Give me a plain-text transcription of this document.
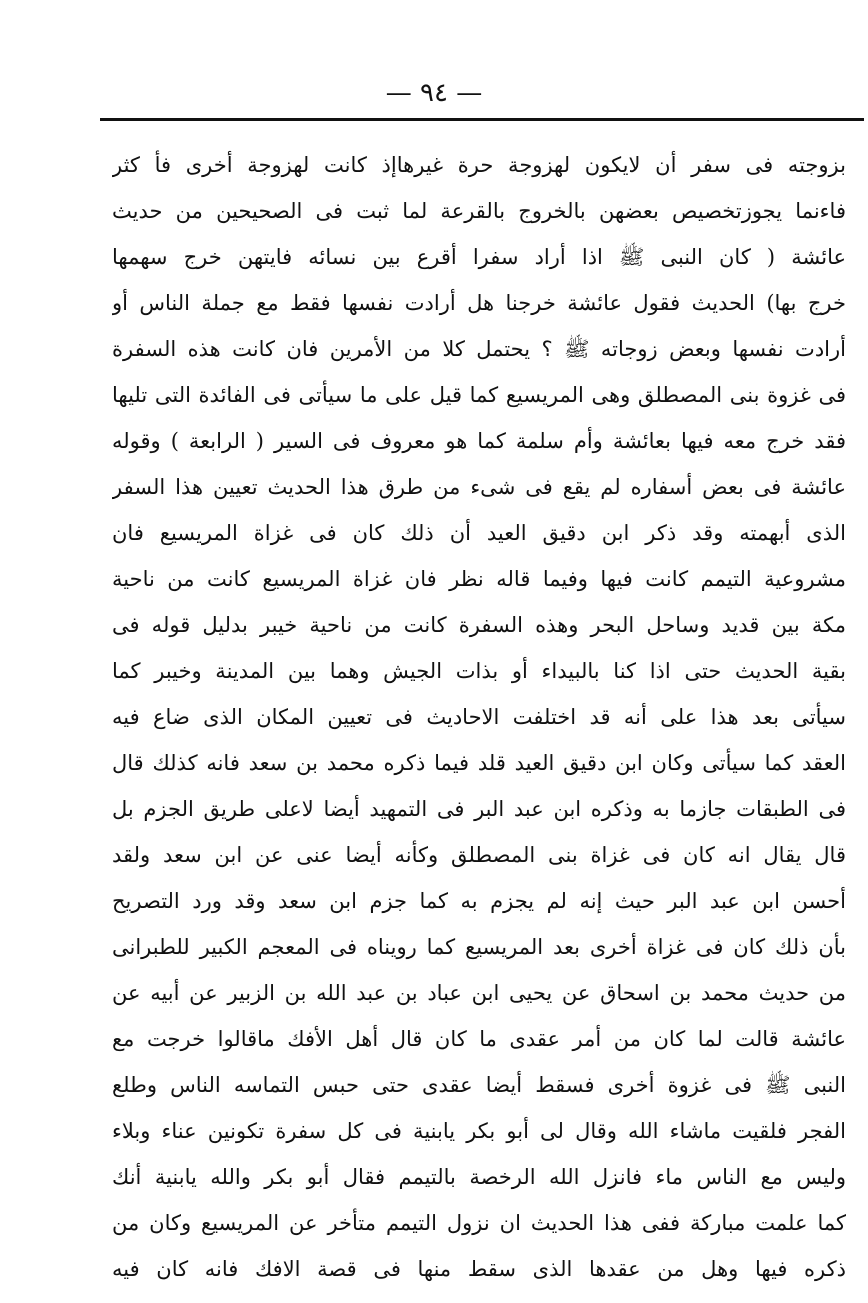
— ٩٤ —
بزوجته فى سفر أن لايكون لهزوجة حرة غيرهاإذ كانت لهزوجة أخرى فأ كثر
فاءنما يجوزتخصيص بعضهن بالخروج بالقرعة لما ثبت فى الصحيحين من حديث
عائشة ( كان النبى ﷺ اذا أراد سفرا أقرع بين نسائه فايتهن خرج سهمها
خرج بها) الحديث فقول عائشة خرجنا هل أرادت نفسها فقط مع جملة الناس أو
أرادت نفسها وبعض زوجاته ﷺ ؟ يحتمل كلا من الأمرين فان كانت هذه السفرة
فى غزوة بنى المصطلق وهى المريسيع كما قيل على ما سيأتى فى الفائدة التى تليها
فقد خرج معه فيها بعائشة وأم سلمة كما هو معروف فى السير ( الرابعة ) وقوله
عائشة فى بعض أسفاره لم يقع فى شىء من طرق هذا الحديث تعيين هذا السفر
الذى أبهمته وقد ذكر ابن دقيق العيد أن ذلك كان فى غزاة المريسيع فان
مشروعية التيمم كانت فيها وفيما قاله نظر فان غزاة المريسيع كانت من ناحية
مكة بين قديد وساحل البحر وهذه السفرة كانت من ناحية خيبر بدليل قوله فى
بقية الحديث حتى اذا كنا بالبيداء أو بذات الجيش وهما بين المدينة وخيبر كما
سيأتى بعد هذا على أنه قد اختلفت الاحاديث فى تعيين المكان الذى ضاع فيه
العقد كما سيأتى وكان ابن دقيق العيد قلد فيما ذكره محمد بن سعد فانه كذلك قال
فى الطبقات جازما به وذكره ابن عبد البر فى التمهيد أيضا لاعلى طريق الجزم بل
قال يقال انه كان فى غزاة بنى المصطلق وكأنه أيضا عنى عن ابن سعد ولقد
أحسن ابن عبد البر حيث إنه لم يجزم به كما جزم ابن سعد وقد ورد التصريح
بأن ذلك كان فى غزاة أخرى بعد المريسيع كما رويناه فى المعجم الكبير للطبرانى
من حديث محمد بن اسحاق عن يحيى ابن عباد بن عبد الله بن الزبير عن أبيه عن
عائشة قالت لما كان من أمر عقدى ما كان قال أهل الأفك ماقالوا خرجت مع
النبى ﷺ فى غزوة أخرى فسقط أيضا عقدى حتى حبس التماسه الناس وطلع
الفجر فلقيت ماشاء الله وقال لى أبو بكر يابنية فى كل سفرة تكونين عناء وبلاء
وليس مع الناس ماء فانزل الله الرخصة بالتيمم فقال أبو بكر والله يابنية أنك
كما علمت مباركة ففى هذا الحديث ان نزول التيمم متأخر عن المريسيع وكان من
ذكره فيها وهل من عقدها الذى سقط منها فى قصة الافك فانه كان فيه
